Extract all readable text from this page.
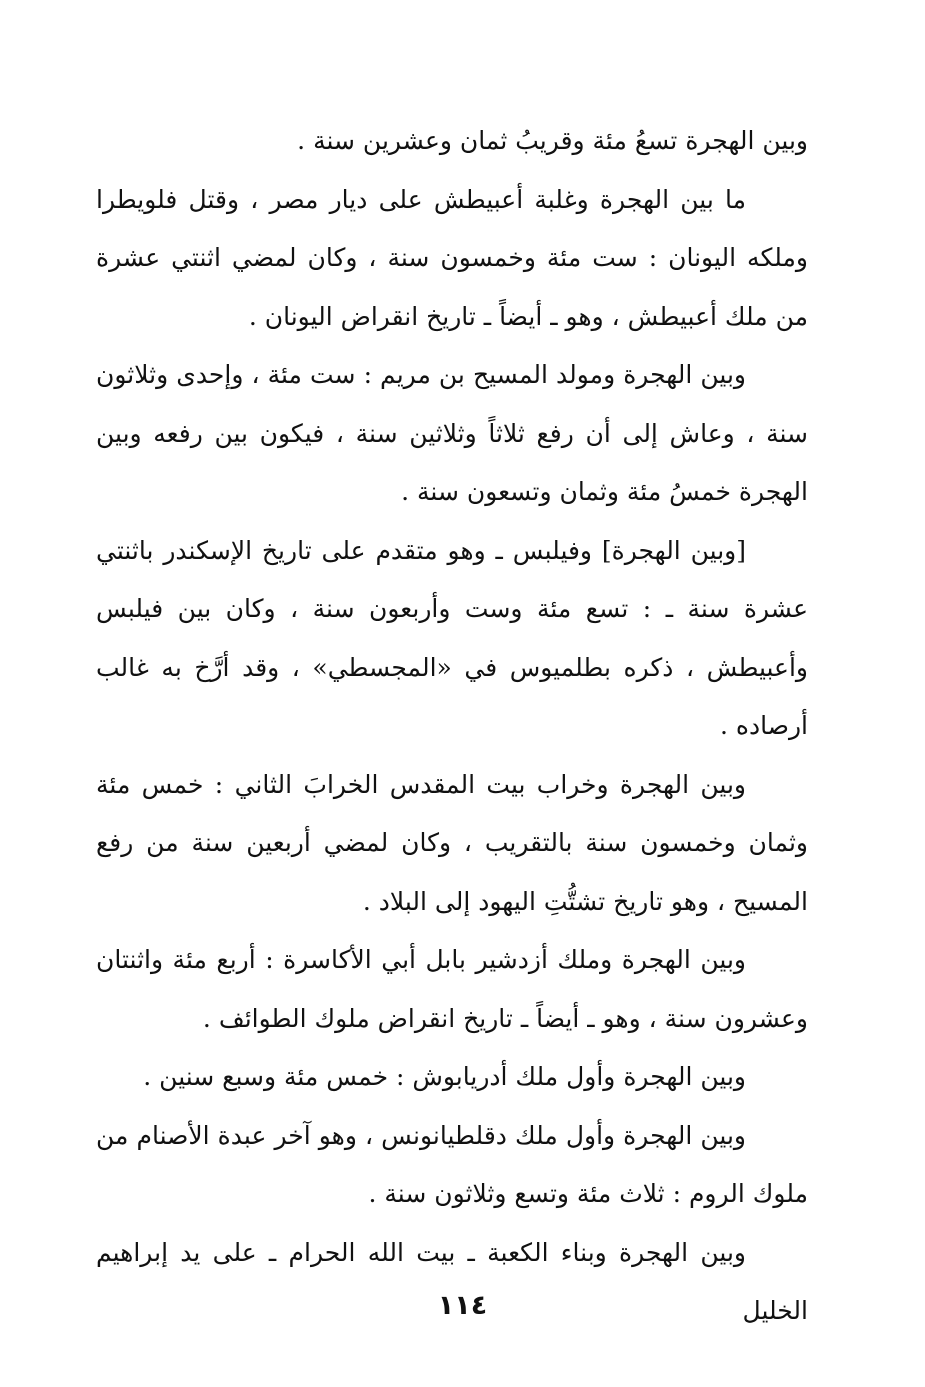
وبين الهجرة تسعُ مئة وقريبُ ثمان وعشرين سنة .

ما بين الهجرة وغلبة أعبيطش على ديار مصر ، وقتل فلويطرا وملكه اليونان : ست مئة وخمسون سنة ، وكان لمضي اثنتي عشرة من ملك أعبيطش ، وهو ـ أيضاً ـ تاريخ انقراض اليونان .

وبين الهجرة ومولد المسيح بن مريم : ست مئة ، وإحدى وثلاثون سنة ، وعاش إلى أن رفع ثلاثاً وثلاثين سنة ، فيكون بين رفعه وبين الهجرة خمسُ مئة وثمان وتسعون سنة .

[وبين الهجرة] وفيلبس ـ وهو متقدم على تاريخ الإسكندر باثنتي عشرة سنة ـ : تسع مئة وست وأربعون سنة ، وكان بين فيلبس وأعبيطش ، ذكره بطلميوس في «المجسطي» ، وقد أرَّخ به غالب أرصاده .

وبين الهجرة وخراب بيت المقدس الخرابَ الثاني : خمس مئة وثمان وخمسون سنة بالتقريب ، وكان لمضي أربعين سنة من رفع المسيح ، وهو تاريخ تشتُّتِ اليهود إلى البلاد .

وبين الهجرة وملك أزدشير بابل أبي الأكاسرة : أربع مئة واثنتان وعشرون سنة ، وهو ـ أيضاً ـ تاريخ انقراض ملوك الطوائف .

وبين الهجرة وأول ملك أدريابوش : خمس مئة وسبع سنين .

وبين الهجرة وأول ملك دقلطيانونس ، وهو آخر عبدة الأصنام من ملوك الروم : ثلاث مئة وتسع وثلاثون سنة .

وبين الهجرة وبناء الكعبة ـ بيت الله الحرام ـ على يد إبراهيم الخليل

١١٤
